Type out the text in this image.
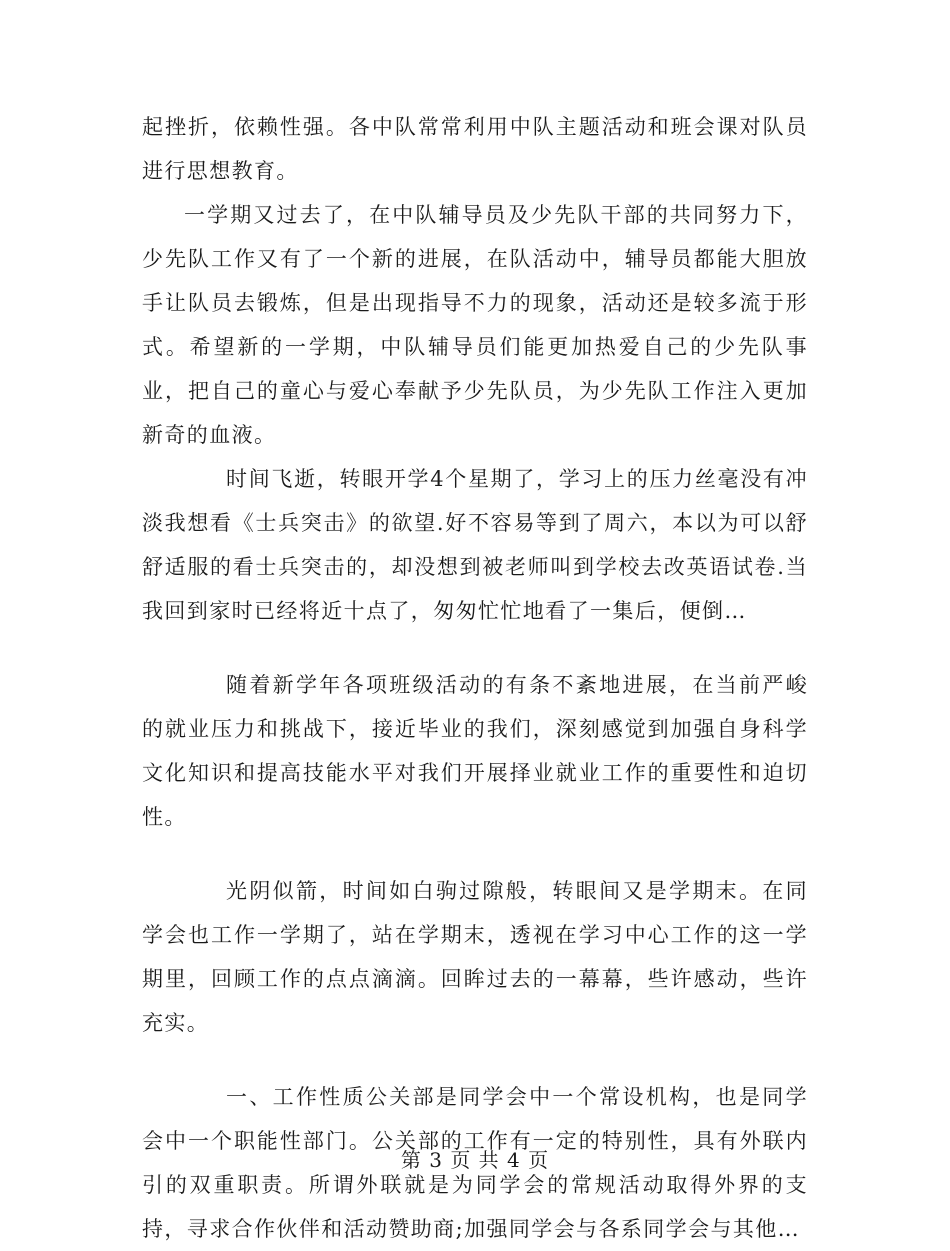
起挫折，依赖性强。各中队常常利用中队主题活动和班会课对队员进行思想教育。

一学期又过去了，在中队辅导员及少先队干部的共同努力下，少先队工作又有了一个新的进展，在队活动中，辅导员都能大胆放手让队员去锻炼，但是出现指导不力的现象，活动还是较多流于形式。希望新的一学期，中队辅导员们能更加热爱自己的少先队事业，把自己的童心与爱心奉献予少先队员，为少先队工作注入更加新奇的血液。

时间飞逝，转眼开学4个星期了，学习上的压力丝毫没有冲淡我想看《士兵突击》的欲望.好不容易等到了周六，本以为可以舒舒适服的看士兵突击的，却没想到被老师叫到学校去改英语试卷.当我回到家时已经将近十点了，匆匆忙忙地看了一集后，便倒…

随着新学年各项班级活动的有条不紊地进展，在当前严峻的就业压力和挑战下，接近毕业的我们，深刻感觉到加强自身科学文化知识和提高技能水平对我们开展择业就业工作的重要性和迫切性。

光阴似箭，时间如白驹过隙般，转眼间又是学期末。在同学会也工作一学期了，站在学期末，透视在学习中心工作的这一学期里，回顾工作的点点滴滴。回眸过去的一幕幕，些许感动，些许充实。

一、工作性质公关部是同学会中一个常设机构，也是同学会中一个职能性部门。公关部的工作有一定的特别性，具有外联内引的双重职责。所谓外联就是为同学会的常规活动取得外界的支持，寻求合作伙伴和活动赞助商;加强同学会与各系同学会与其他…

第 3 页 共 4 页
